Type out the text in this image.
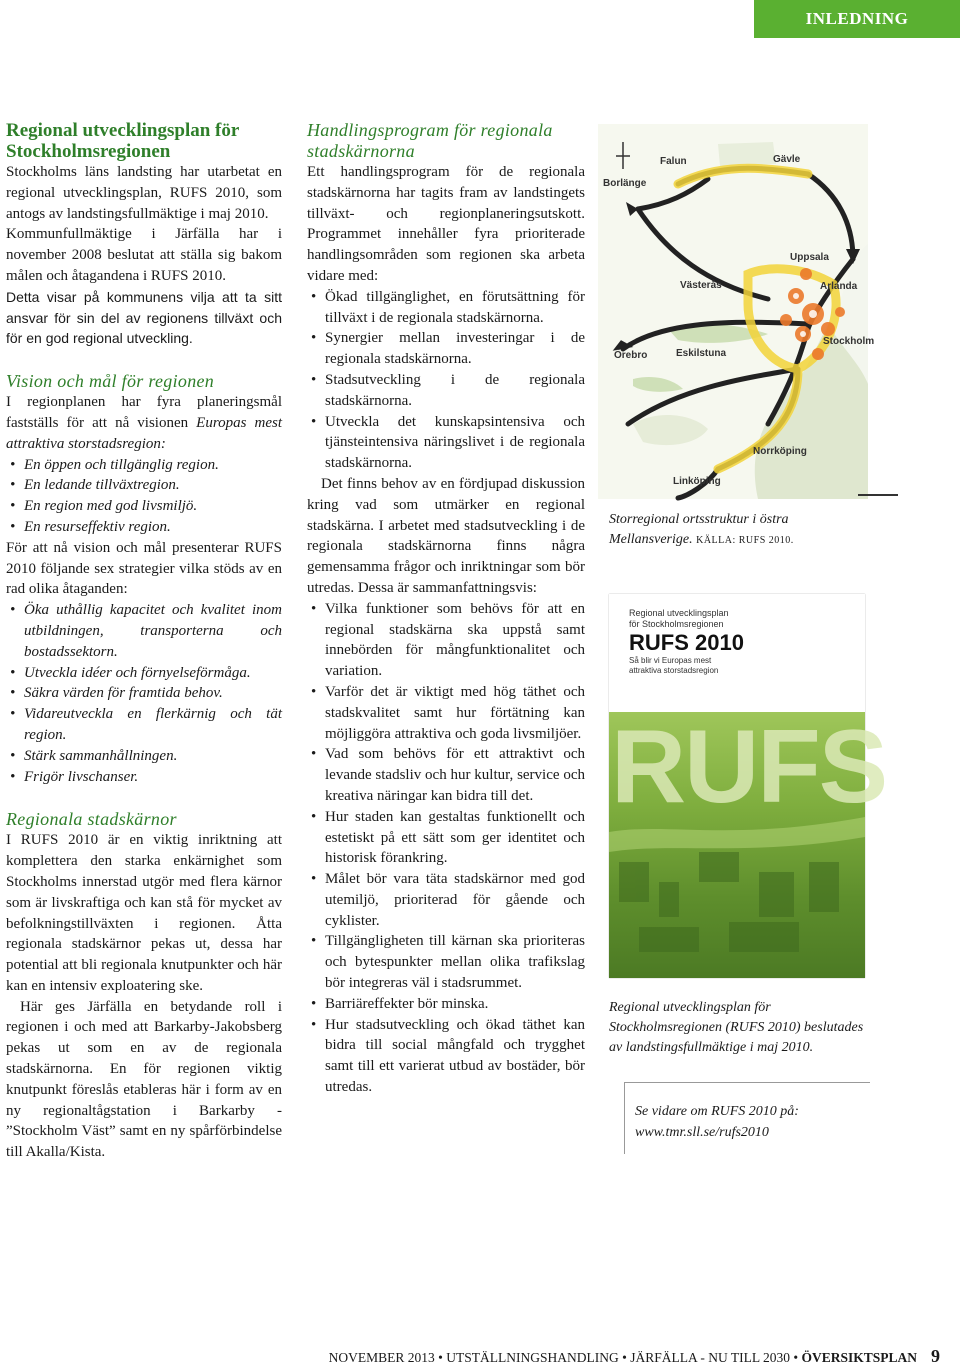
INLEDNING
Regional utvecklingsplan för Stockholmsregionen

Stockholms läns landsting har utarbetat en regional utvecklingsplan, RUFS 2010, som antogs av landstingsfullmäktige i maj 2010.

Kommunfullmäktige i Järfälla har i november 2008 beslutat att ställa sig bakom målen och åtagandena i RUFS 2010.

Detta visar på kommunens vilja att ta sitt ansvar för sin del av regionens tillväxt och för en god regional utveckling.

Vision och mål för regionen

I regionplanen har fyra planeringsmål fastställs för att nå visionen Europas mest attraktiva storstadsregion:

• En öppen och tillgänglig region.
• En ledande tillväxtregion.
• En region med god livsmiljö.
• En resurseffektiv region.

För att nå vision och mål presenterar RUFS 2010 följande sex strategier vilka stöds av en rad olika åtaganden:

• Öka uthållig kapacitet och kvalitet inom utbildningen, transporterna och bostadssektorn.
• Utveckla idéer och förnyelseförmåga.
• Säkra värden för framtida behov.
• Vidareutveckla en flerkärnig och tät region.
• Stärk sammanhållningen.
• Frigör livschanser.
Regionala stadskärnor

I RUFS 2010 är en viktig inriktning att komplettera den starka enkärnighet som Stockholms innerstad utgör med flera kärnor som är livskraftiga och kan stå för mycket av befolkningstillväxten i regionen. Åtta regionala stadskärnor pekas ut, dessa har potential att bli regionala knutpunkter och här kan en intensiv exploatering ske.

Här ges Järfälla en betydande roll i regionen i och med att Barkarby-Jakobsberg pekas ut som en av de regionala stadskärnorna. En för regionen viktig knutpunkt föreslås etableras här i form av en ny regionaltågstation i Barkarby - ”Stockholm Väst” samt en ny spårförbindelse till Akalla/Kista.

Handlingsprogram för regionala stadskärnorna

Ett handlingsprogram för de regionala stadskärnorna har tagits fram av landstingets tillväxt- och regionplaneringsutskott. Programmet innehåller fyra prioriterade handlingsområden som regionen ska arbeta vidare med:

• Ökad tillgänglighet, en förutsättning för tillväxt i de regionala stadskärnorna.
• Synergier mellan investeringar i de regionala stadskärnorna.
• Stadsutveckling i de regionala stadskärnorna.
• Utveckla det kunskapsintensiva och tjänsteintensiva näringslivet i de regionala stadskärnorna.

Det finns behov av en fördjupad diskussion kring vad som utmärker en regional stadskärna. I arbetet med stadsutveckling i de regionala stadskärnorna finns några gemensamma frågor och inriktningar som bör utredas. Dessa är sammanfattningsvis:

• Vilka funktioner som behövs för att en regional stadskärna ska uppstå samt innebörden för mångfunktionalitet och variation.
• Varför det är viktigt med hög täthet och stadskvalitet samt hur förtätning kan möjliggöra attraktiva och goda livsmiljöer.
• Vad som behövs för ett attraktivt och levande stadsliv och hur kultur, service och kreativa näringar kan bidra till det.
• Hur staden kan gestaltas funktionellt och estetiskt på ett sätt som ger identitet och historisk förankring.
• Målet bör vara täta stadskärnor med god utemiljö, prioriterad för gående och cyklister.
• Tillgängligheten till kärnan ska prioriteras och bytespunkter mellan olika trafikslag bör integreras väl i stadsrummet.
• Barriäreffekter bör minska.
• Hur stadsutveckling och ökad täthet kan bidra till social mångfald och trygghet samt till ett varierat utbud av bostäder, bör utredas.
Falun	Gävle
Borlänge
Uppsala
Arlanda
Västerås
Örebro	Eskilstuna
Stockholm
Norrköping
Linköping
Storregional ortsstruktur i östra Mellansverige. KÄLLA: RUFS 2010.
Regional utvecklingsplan
för Stockholmsregionen
RUFS 2010
Så blir vi Europas mest
attraktiva storstadsregion
RUFS
Regional utvecklingsplan för Stockholmsregionen (RUFS 2010) beslutades av landstingsfullmäktige i maj 2010.
Se vidare om RUFS 2010 på:
www.tmr.sll.se/rufs2010
NOVEMBER 2013 • UTSTÄLLNINGSHANDLING • JÄRFÄLLA - NU TILL 2030 • ÖVERSIKTSPLAN 9
